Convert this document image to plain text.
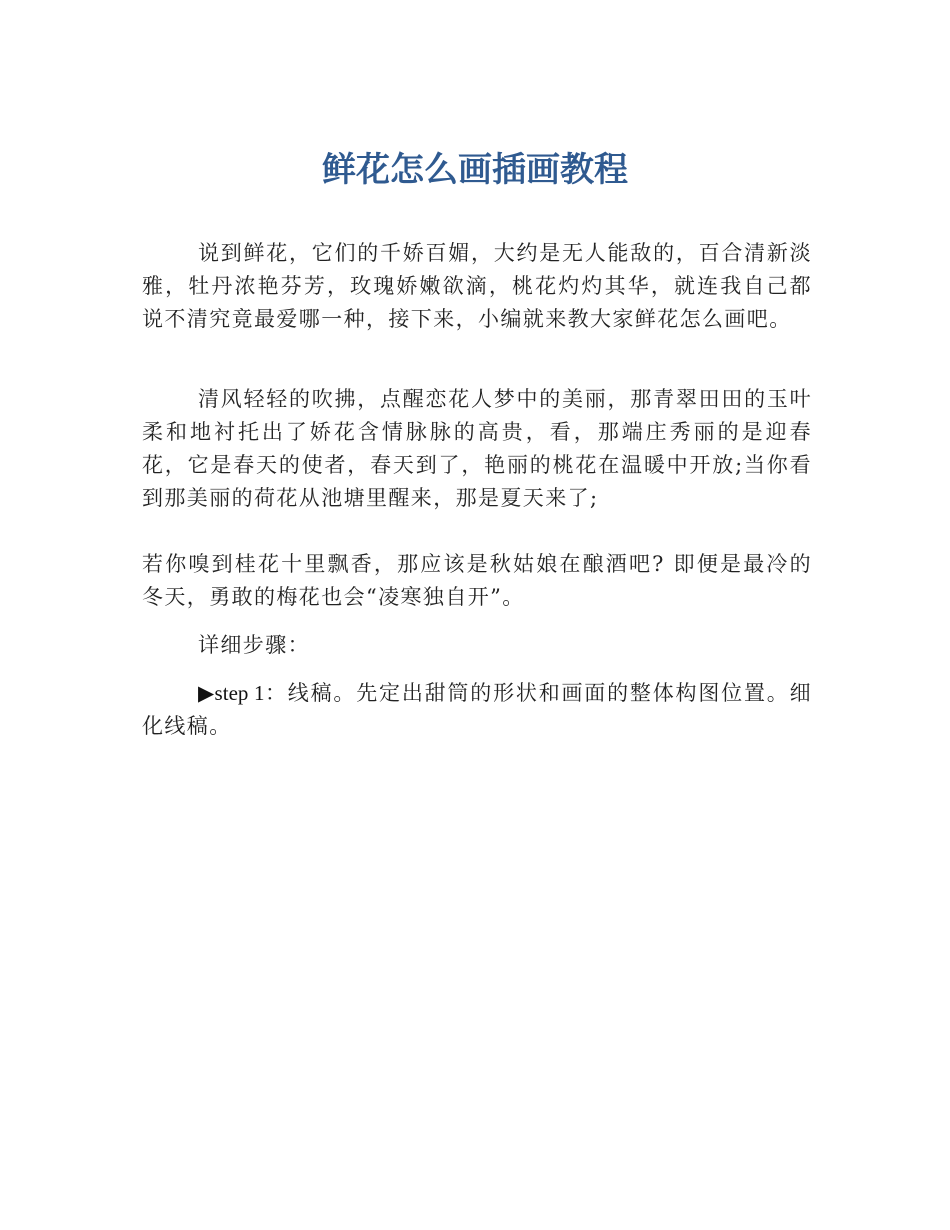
鲜花怎么画插画教程

说到鲜花，它们的千娇百媚，大约是无人能敌的，百合清新淡雅，牡丹浓艳芬芳，玫瑰娇嫩欲滴，桃花灼灼其华，就连我自己都说不清究竟最爱哪一种，接下来，小编就来教大家鲜花怎么画吧。

清风轻轻的吹拂，点醒恋花人梦中的美丽，那青翠田田的玉叶柔和地衬托出了娇花含情脉脉的高贵，看，那端庄秀丽的是迎春花，它是春天的使者，春天到了，艳丽的桃花在温暖中开放;当你看到那美丽的荷花从池塘里醒来，那是夏天来了;

若你嗅到桂花十里飘香，那应该是秋姑娘在酿酒吧? 即便是最冷的冬天，勇敢的梅花也会“凌寒独自开”。

详细步骤：

▶step 1：线稿。先定出甜筒的形状和画面的整体构图位置。细化线稿。
